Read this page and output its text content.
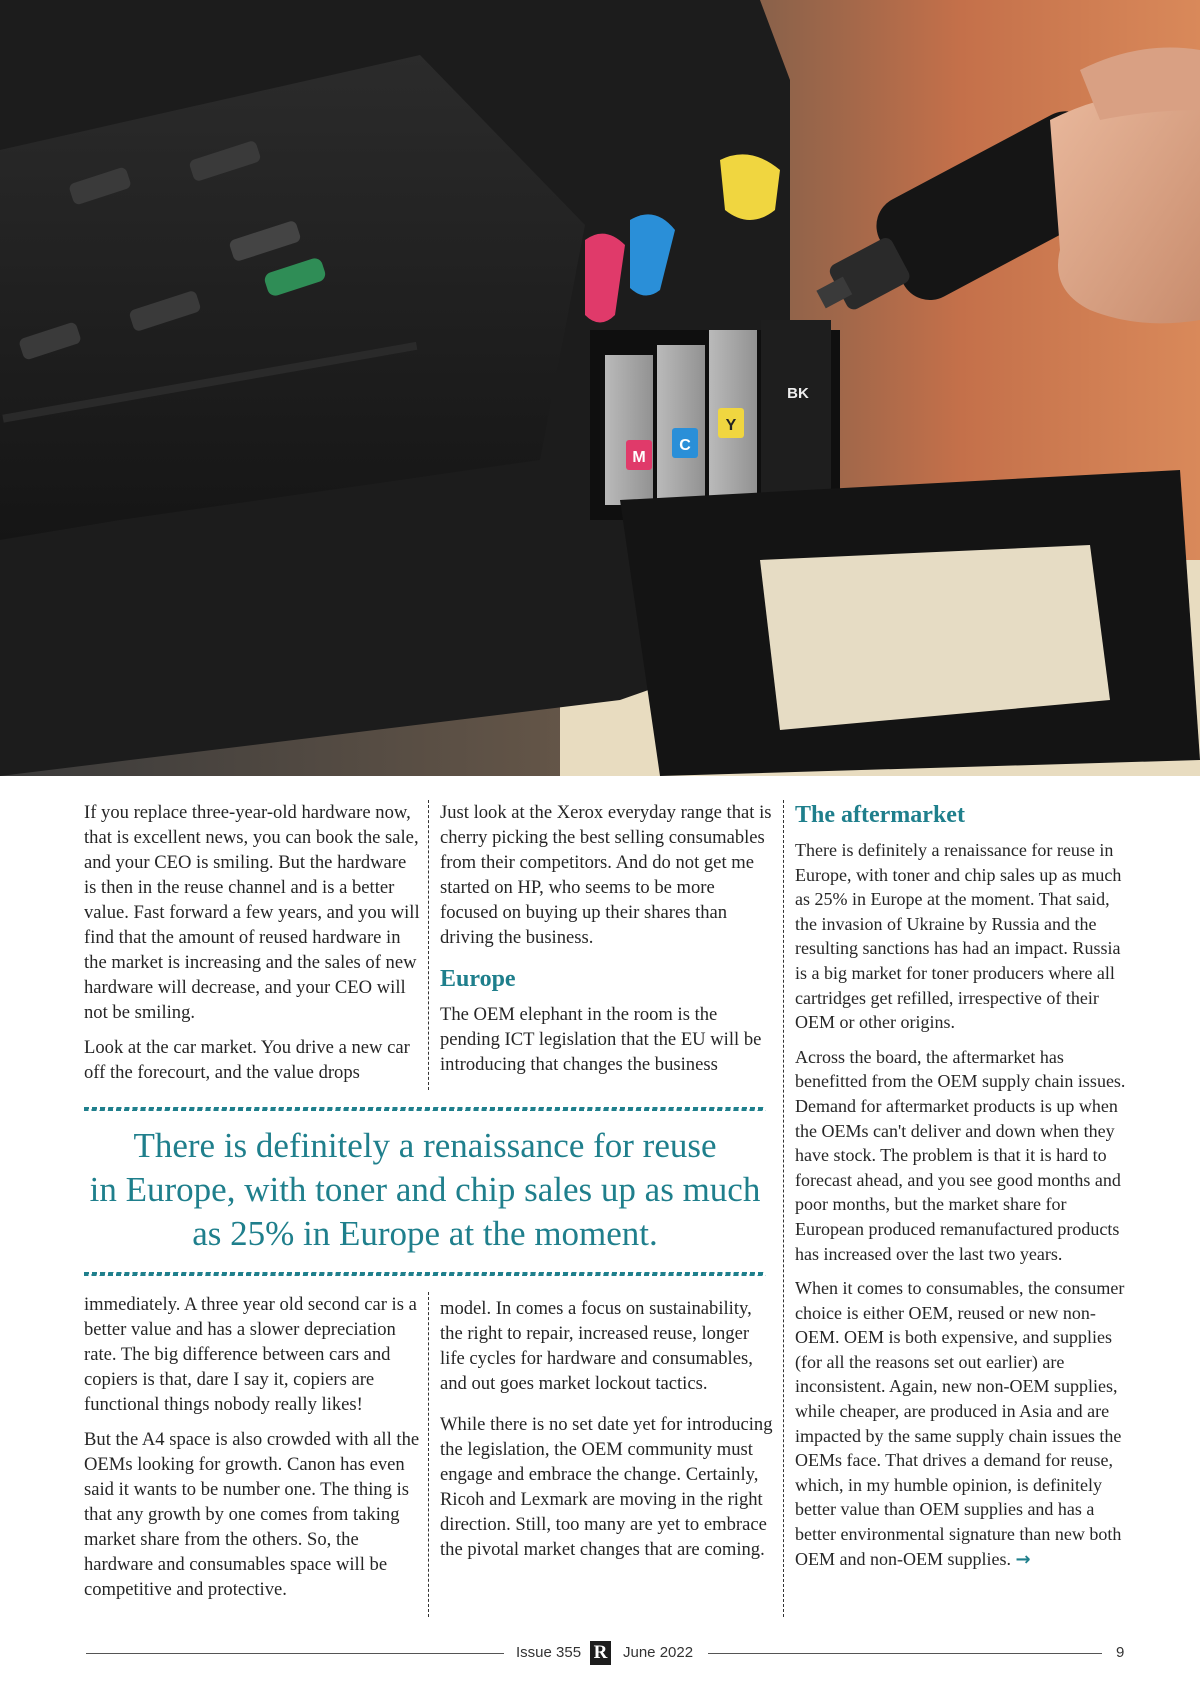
M
C
Y
BK

If you replace three-year-old hardware now, that is excellent news, you can book the sale, and your CEO is smiling. But the hardware is then in the reuse channel and is a better value. Fast forward a few years, and you will find that the amount of reused hardware in the market is increasing and the sales of new hardware will decrease, and your CEO will not be smiling.

Look at the car market. You drive a new car off the forecourt, and the value drops

Just look at the Xerox everyday range that is cherry picking the best selling consumables from their competitors. And do not get me started on HP, who seems to be more focused on buying up their shares than driving the business.

Europe

The OEM elephant in the room is the pending ICT legislation that the EU will be introducing that changes the business

There is definitely a renaissance for reuse
in Europe, with toner and chip sales up as much
as 25% in Europe at the moment.

immediately. A three year old second car is a better value and has a slower depreciation rate. The big difference between cars and copiers is that, dare I say it, copiers are functional things nobody really likes!

But the A4 space is also crowded with all the OEMs looking for growth. Canon has even said it wants to be number one. The thing is that any growth by one comes from taking market share from the others. So, the hardware and consumables space will be competitive and protective.

model. In comes a focus on sustainability, the right to repair, increased reuse, longer life cycles for hardware and consumables, and out goes market lockout tactics.

While there is no set date yet for introducing the legislation, the OEM community must engage and embrace the change. Certainly, Ricoh and Lexmark are moving in the right direction. Still, too many are yet to embrace the pivotal market changes that are coming.

The aftermarket

There is definitely a renaissance for reuse in Europe, with toner and chip sales up as much as 25% in Europe at the moment. That said, the invasion of Ukraine by Russia and the resulting sanctions has had an impact. Russia is a big market for toner producers where all cartridges get refilled, irrespective of their OEM or other origins.

Across the board, the aftermarket has benefitted from the OEM supply chain issues. Demand for aftermarket products is up when the OEMs can't deliver and down when they have stock. The problem is that it is hard to forecast ahead, and you see good months and poor months, but the market share for European produced remanufactured products has increased over the last two years.

When it comes to consumables, the consumer choice is either OEM, reused or new non-OEM. OEM is both expensive, and supplies (for all the reasons set out earlier) are inconsistent. Again, new non-OEM supplies, while cheaper, are produced in Asia and are impacted by the same supply chain issues the OEMs face. That drives a demand for reuse, which, in my humble opinion, is definitely better value than OEM supplies and has a better environmental signature than new both OEM and non-OEM supplies. →

Issue 355 R June 2022	9
